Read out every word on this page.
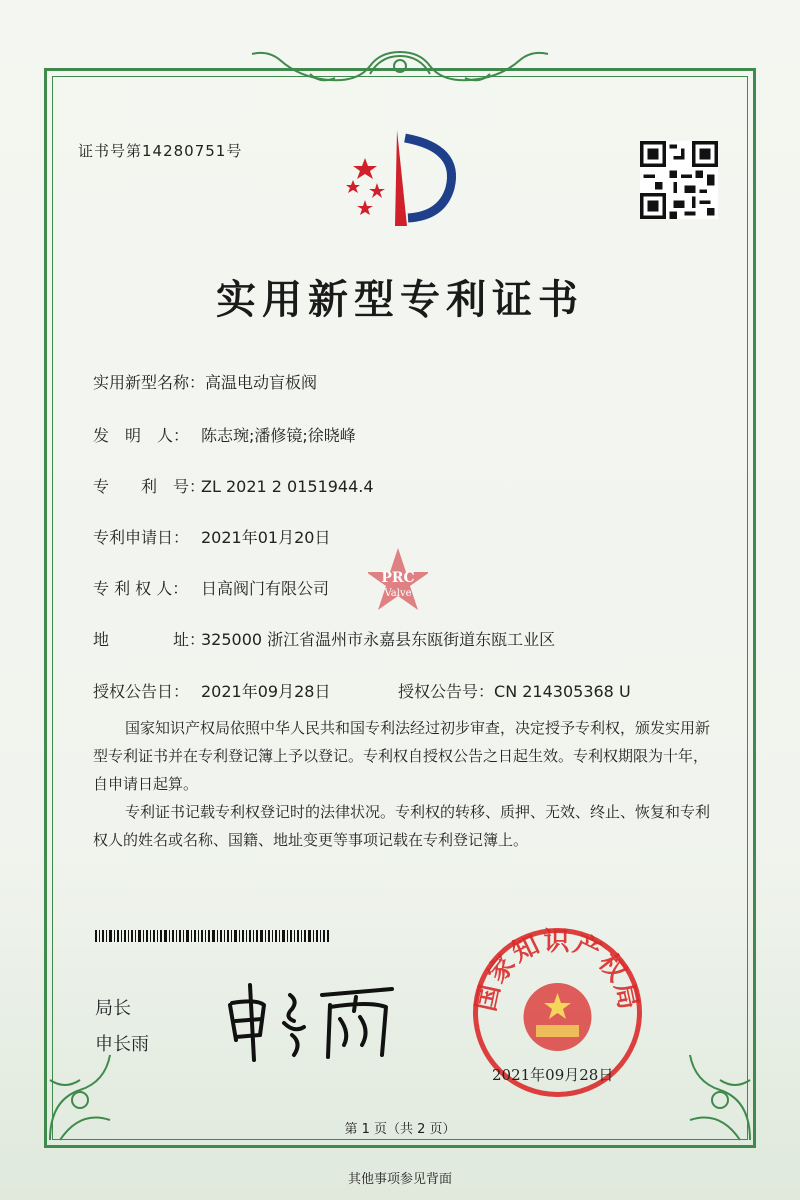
证书号第14280751号
实用新型专利证书
实用新型名称：高温电动盲板阀
发　明　人： 陈志琬;潘修镜;徐晓峰
专　　利　号：ZL 2021 2 0151944.4
专利申请日： 2021年01月20日
专 利 权 人： 日高阀门有限公司
地　　　　址：325000 浙江省温州市永嘉县东瓯街道东瓯工业区
授权公告日： 2021年09月28日	授权公告号：CN 214305368 U
PRC
Valve
国家知识产权局依照中华人民共和国专利法经过初步审查，决定授予专利权，颁发实用新型专利证书并在专利登记簿上予以登记。专利权自授权公告之日起生效。专利权期限为十年，自申请日起算。
专利证书记载专利权登记时的法律状况。专利权的转移、质押、无效、终止、恢复和专利权人的姓名或名称、国籍、地址变更等事项记载在专利登记簿上。
局长
申长雨
国家知识产权局
2021年09月28日
第 1 页（共 2 页）
其他事项参见背面
